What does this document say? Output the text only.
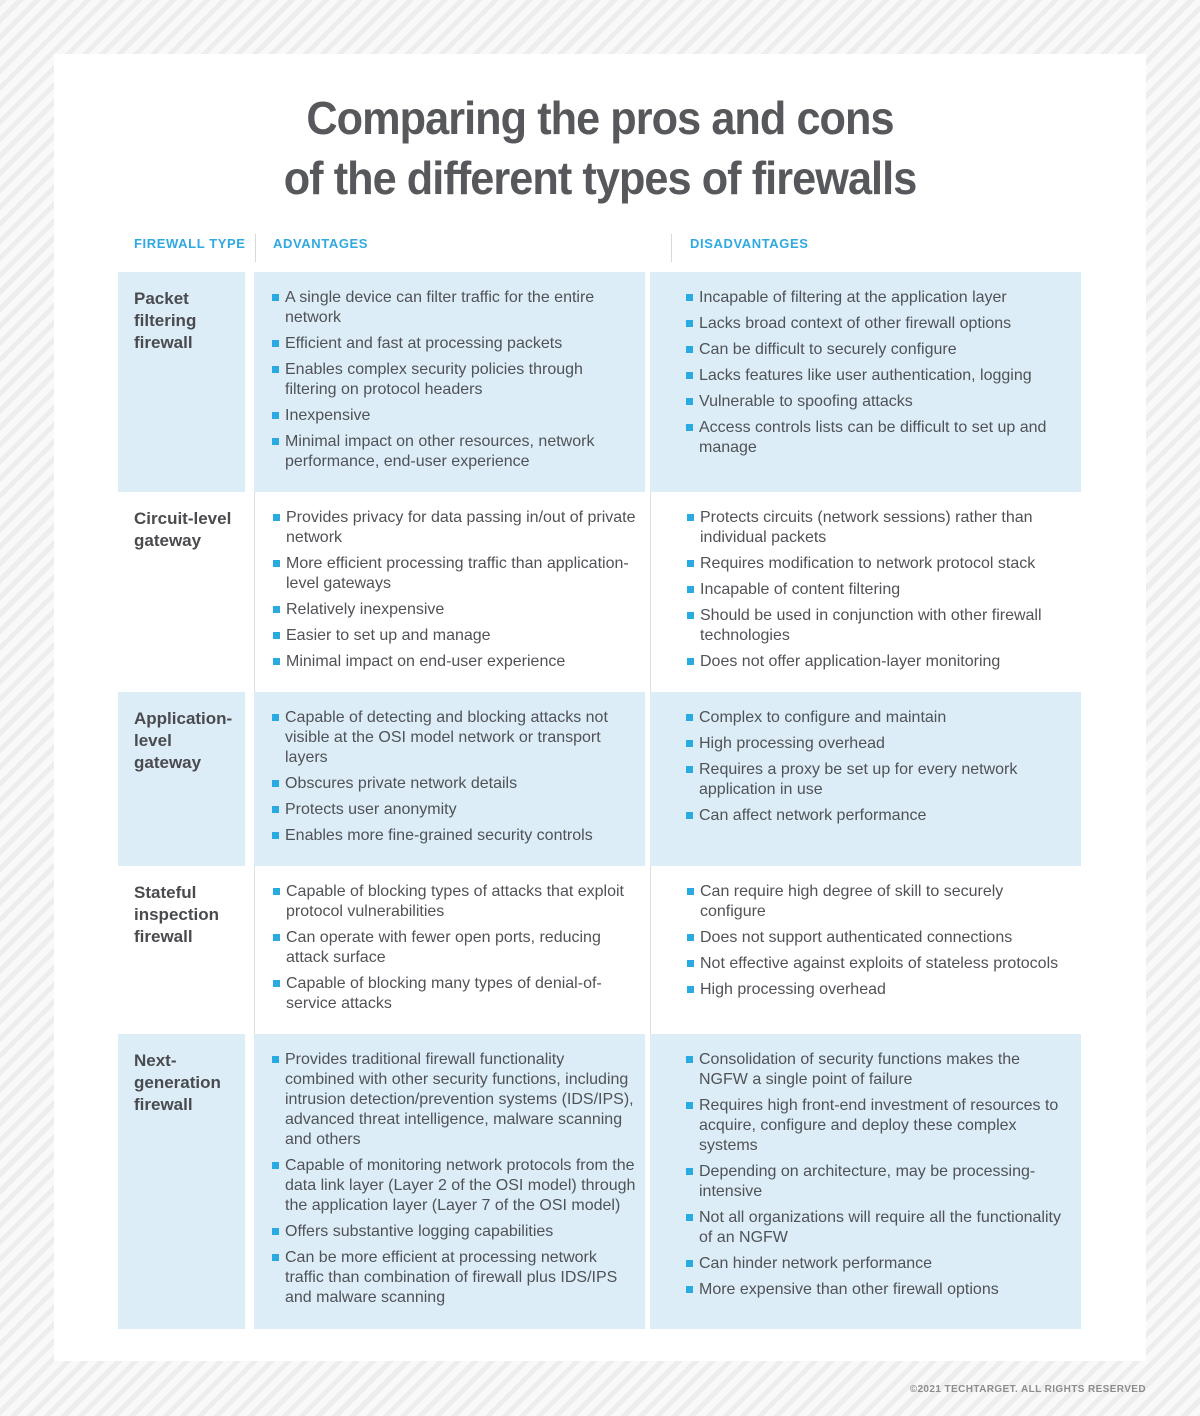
Comparing the pros and cons
of the different types of firewalls
FIREWALL TYPE ADVANTAGES	DISADVANTAGES
Packet filtering firewall
A single device can filter traffic for the entire network
Efficient and fast at processing packets
Enables complex security policies through filtering on protocol headers
Inexpensive
Minimal impact on other resources, network performance, end-user experience
Incapable of filtering at the application layer
Lacks broad context of other firewall options
Can be difficult to securely configure
Lacks features like user authentication, logging
Vulnerable to spoofing attacks
Access controls lists can be difficult to set up and manage
Circuit-level gateway
Provides privacy for data passing in/out of private network
More efficient processing traffic than application-level gateways
Relatively inexpensive
Easier to set up and manage
Minimal impact on end-user experience
Protects circuits (network sessions) rather than individual packets
Requires modification to network protocol stack
Incapable of content filtering
Should be used in conjunction with other firewall technologies
Does not offer application-layer monitoring
Application-level gateway
Capable of detecting and blocking attacks not visible at the OSI model network or transport layers
Obscures private network details
Protects user anonymity
Enables more fine-grained security controls
Complex to configure and maintain
High processing overhead
Requires a proxy be set up for every network application in use
Can affect network performance
Stateful inspection firewall
Capable of blocking types of attacks that exploit protocol vulnerabilities
Can operate with fewer open ports, reducing attack surface
Capable of blocking many types of denial-of-service attacks
Can require high degree of skill to securely configure
Does not support authenticated connections
Not effective against exploits of stateless protocols
High processing overhead
Next-generation firewall
Provides traditional firewall functionality combined with other security functions, including intrusion detection/prevention systems (IDS/IPS), advanced threat intelligence, malware scanning and others
Capable of monitoring network protocols from the data link layer (Layer 2 of the OSI model) through the application layer (Layer 7 of the OSI model)
Offers substantive logging capabilities
Can be more efficient at processing network traffic than combination of firewall plus IDS/IPS and malware scanning
Consolidation of security functions makes the NGFW a single point of failure
Requires high front-end investment of resources to acquire, configure and deploy these complex systems
Depending on architecture, may be processing-intensive
Not all organizations will require all the functionality of an NGFW
Can hinder network performance
More expensive than other firewall options
©2021 TECHTARGET. ALL RIGHTS RESERVED
